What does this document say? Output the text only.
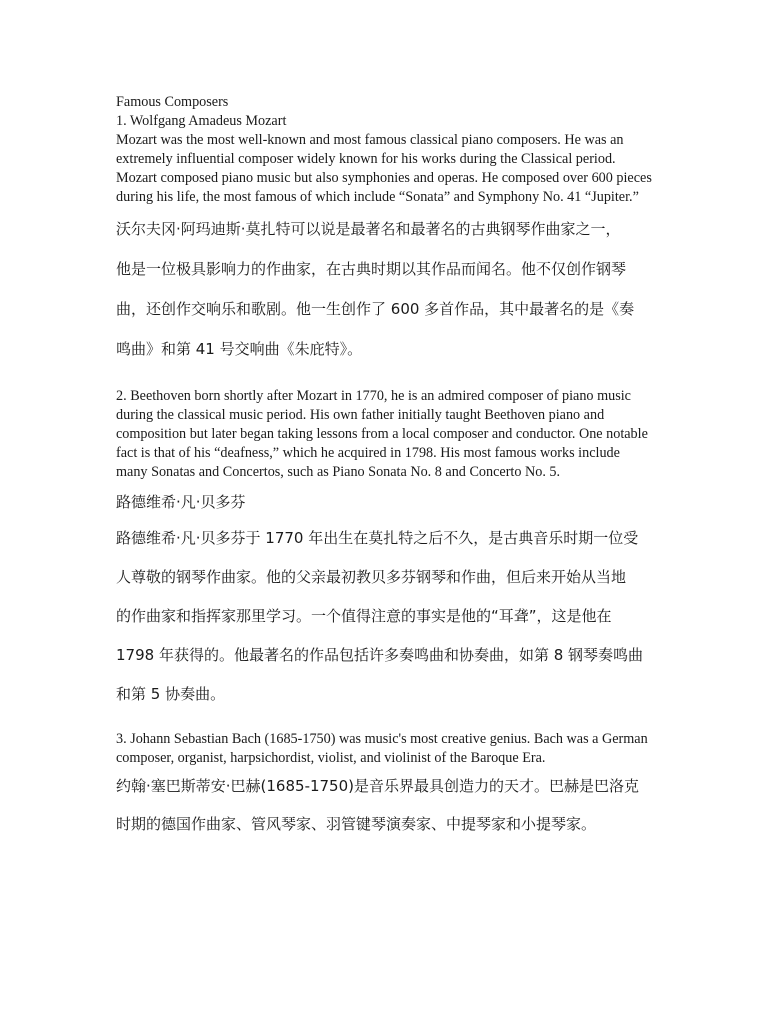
Famous Composers

1. Wolfgang Amadeus Mozart

Mozart was the most well-known and most famous classical piano composers. He was an extremely influential composer widely known for his works during the Classical period. Mozart composed piano music but also symphonies and operas. He composed over 600 pieces during his life, the most famous of which include “Sonata” and Symphony No. 41 “Jupiter.”

沃尔夫冈·阿玛迪斯·莫扎特可以说是最著名和最著名的古典钢琴作曲家之一，

他是一位极具影响力的作曲家，在古典时期以其作品而闻名。他不仅创作钢琴

曲，还创作交响乐和歌剧。他一生创作了 600 多首作品，其中最著名的是《奏

鸣曲》和第 41 号交响曲《朱庇特》。

2. Beethoven born shortly after Mozart in 1770, he is an admired composer of piano music during the classical music period. His own father initially taught Beethoven piano and composition but later began taking lessons from a local composer and conductor. One notable fact is that of his “deafness,” which he acquired in 1798. His most famous works include many Sonatas and Concertos, such as Piano Sonata No. 8 and Concerto No. 5.

路德维希·凡·贝多芬

路德维希·凡·贝多芬于 1770 年出生在莫扎特之后不久，是古典音乐时期一位受

人尊敬的钢琴作曲家。他的父亲最初教贝多芬钢琴和作曲，但后来开始从当地

的作曲家和指挥家那里学习。一个值得注意的事实是他的“耳聋”，这是他在

1798 年获得的。他最著名的作品包括许多奏鸣曲和协奏曲，如第 8 钢琴奏鸣曲

和第 5 协奏曲。

3. Johann Sebastian Bach (1685-1750) was music's most creative genius. Bach was a German composer, organist, harpsichordist, violist, and violinist of the Baroque Era.

约翰·塞巴斯蒂安·巴赫(1685-1750)是音乐界最具创造力的天才。巴赫是巴洛克

时期的德国作曲家、管风琴家、羽管键琴演奏家、中提琴家和小提琴家。
